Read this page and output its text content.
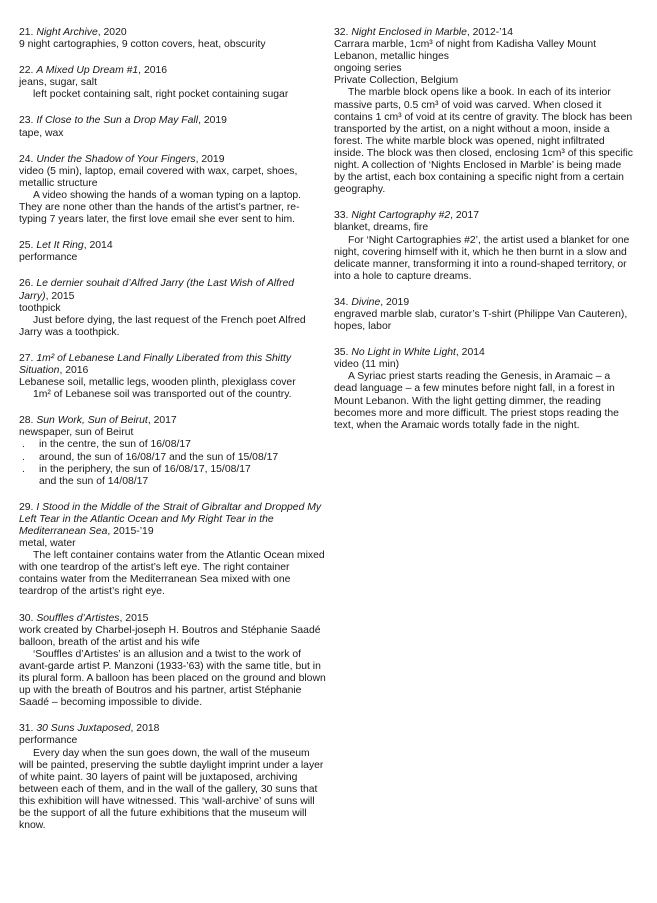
21. Night Archive, 2020
9 night cartographies, 9 cotton covers, heat, obscurity
22. A Mixed Up Dream #1, 2016
jeans, sugar, salt
left pocket containing salt, right pocket containing sugar
23. If Close to the Sun a Drop May Fall, 2019
tape, wax
24. Under the Shadow of Your Fingers, 2019
video (5 min), laptop, email covered with wax, carpet, shoes, metallic structure
A video showing the hands of a woman typing on a laptop. They are none other than the hands of the artist’s partner, re-typing 7 years later, the first love email she ever sent to him.
25. Let It Ring, 2014
performance
26. Le dernier souhait d’Alfred Jarry (the Last Wish of Alfred Jarry), 2015
toothpick
Just before dying, the last request of the French poet Alfred Jarry was a toothpick.
27. 1m² of Lebanese Land Finally Liberated from this Shitty Situation, 2016
Lebanese soil, metallic legs, wooden plinth, plexiglass cover
1m² of Lebanese soil was transported out of the country.
28. Sun Work, Sun of Beirut, 2017
newspaper, sun of Beirut
. in the centre, the sun of 16/08/17
. around, the sun of 16/08/17 and the sun of 15/08/17
. in the periphery, the sun of 16/08/17, 15/08/17
and the sun of 14/08/17
29. I Stood in the Middle of the Strait of Gibraltar and Dropped My Left Tear in the Atlantic Ocean and My Right Tear in the Mediterranean Sea, 2015-’19
metal, water
The left container contains water from the Atlantic Ocean mixed with one teardrop of the artist’s left eye. The right container contains water from the Mediterranean Sea mixed with one teardrop of the artist’s right eye.
30. Souffles d’Artistes, 2015
work created by Charbel-joseph H. Boutros and Stéphanie Saadé
balloon, breath of the artist and his wife
‘Souffles d’Artistes’ is an allusion and a twist to the work of avant-garde artist P. Manzoni (1933-’63) with the same title, but in its plural form. A balloon has been placed on the ground and blown up with the breath of Boutros and his partner, artist Stéphanie Saadé – becoming impossible to divide.
31. 30 Suns Juxtaposed, 2018
performance
Every day when the sun goes down, the wall of the museum will be painted, preserving the subtle daylight imprint under a layer of white paint. 30 layers of paint will be juxtaposed, archiving between each of them, and in the wall of the gallery, 30 suns that this exhibition will have witnessed. This ‘wall-archive’ of suns will be the support of all the future exhibitions that the museum will know.
32. Night Enclosed in Marble, 2012-’14
Carrara marble, 1cm³ of night from Kadisha Valley Mount Lebanon, metallic hinges
ongoing series
Private Collection, Belgium
The marble block opens like a book. In each of its interior massive parts, 0.5 cm³ of void was carved. When closed it contains 1 cm³ of void at its centre of gravity. The block has been transported by the artist, on a night without a moon, inside a forest. The white marble block was opened, night infiltrated inside. The block was then closed, enclosing 1cm³ of this specific night. A collection of ‘Nights Enclosed in Marble’ is being made by the artist, each box containing a specific night from a certain geography.
33. Night Cartography #2, 2017
blanket, dreams, fire
For ‘Night Cartographies #2’, the artist used a blanket for one night, covering himself with it, which he then burnt in a slow and delicate manner, transforming it into a round-shaped territory, or into a hole to capture dreams.
34. Divine, 2019
engraved marble slab, curator’s T-shirt (Philippe Van Cauteren), hopes, labor
35. No Light in White Light, 2014
video (11 min)
A Syriac priest starts reading the Genesis, in Aramaic – a dead language – a few minutes before night fall, in a forest in Mount Lebanon. With the light getting dimmer, the reading becomes more and more difficult. The priest stops reading the text, when the Aramaic words totally fade in the night.
